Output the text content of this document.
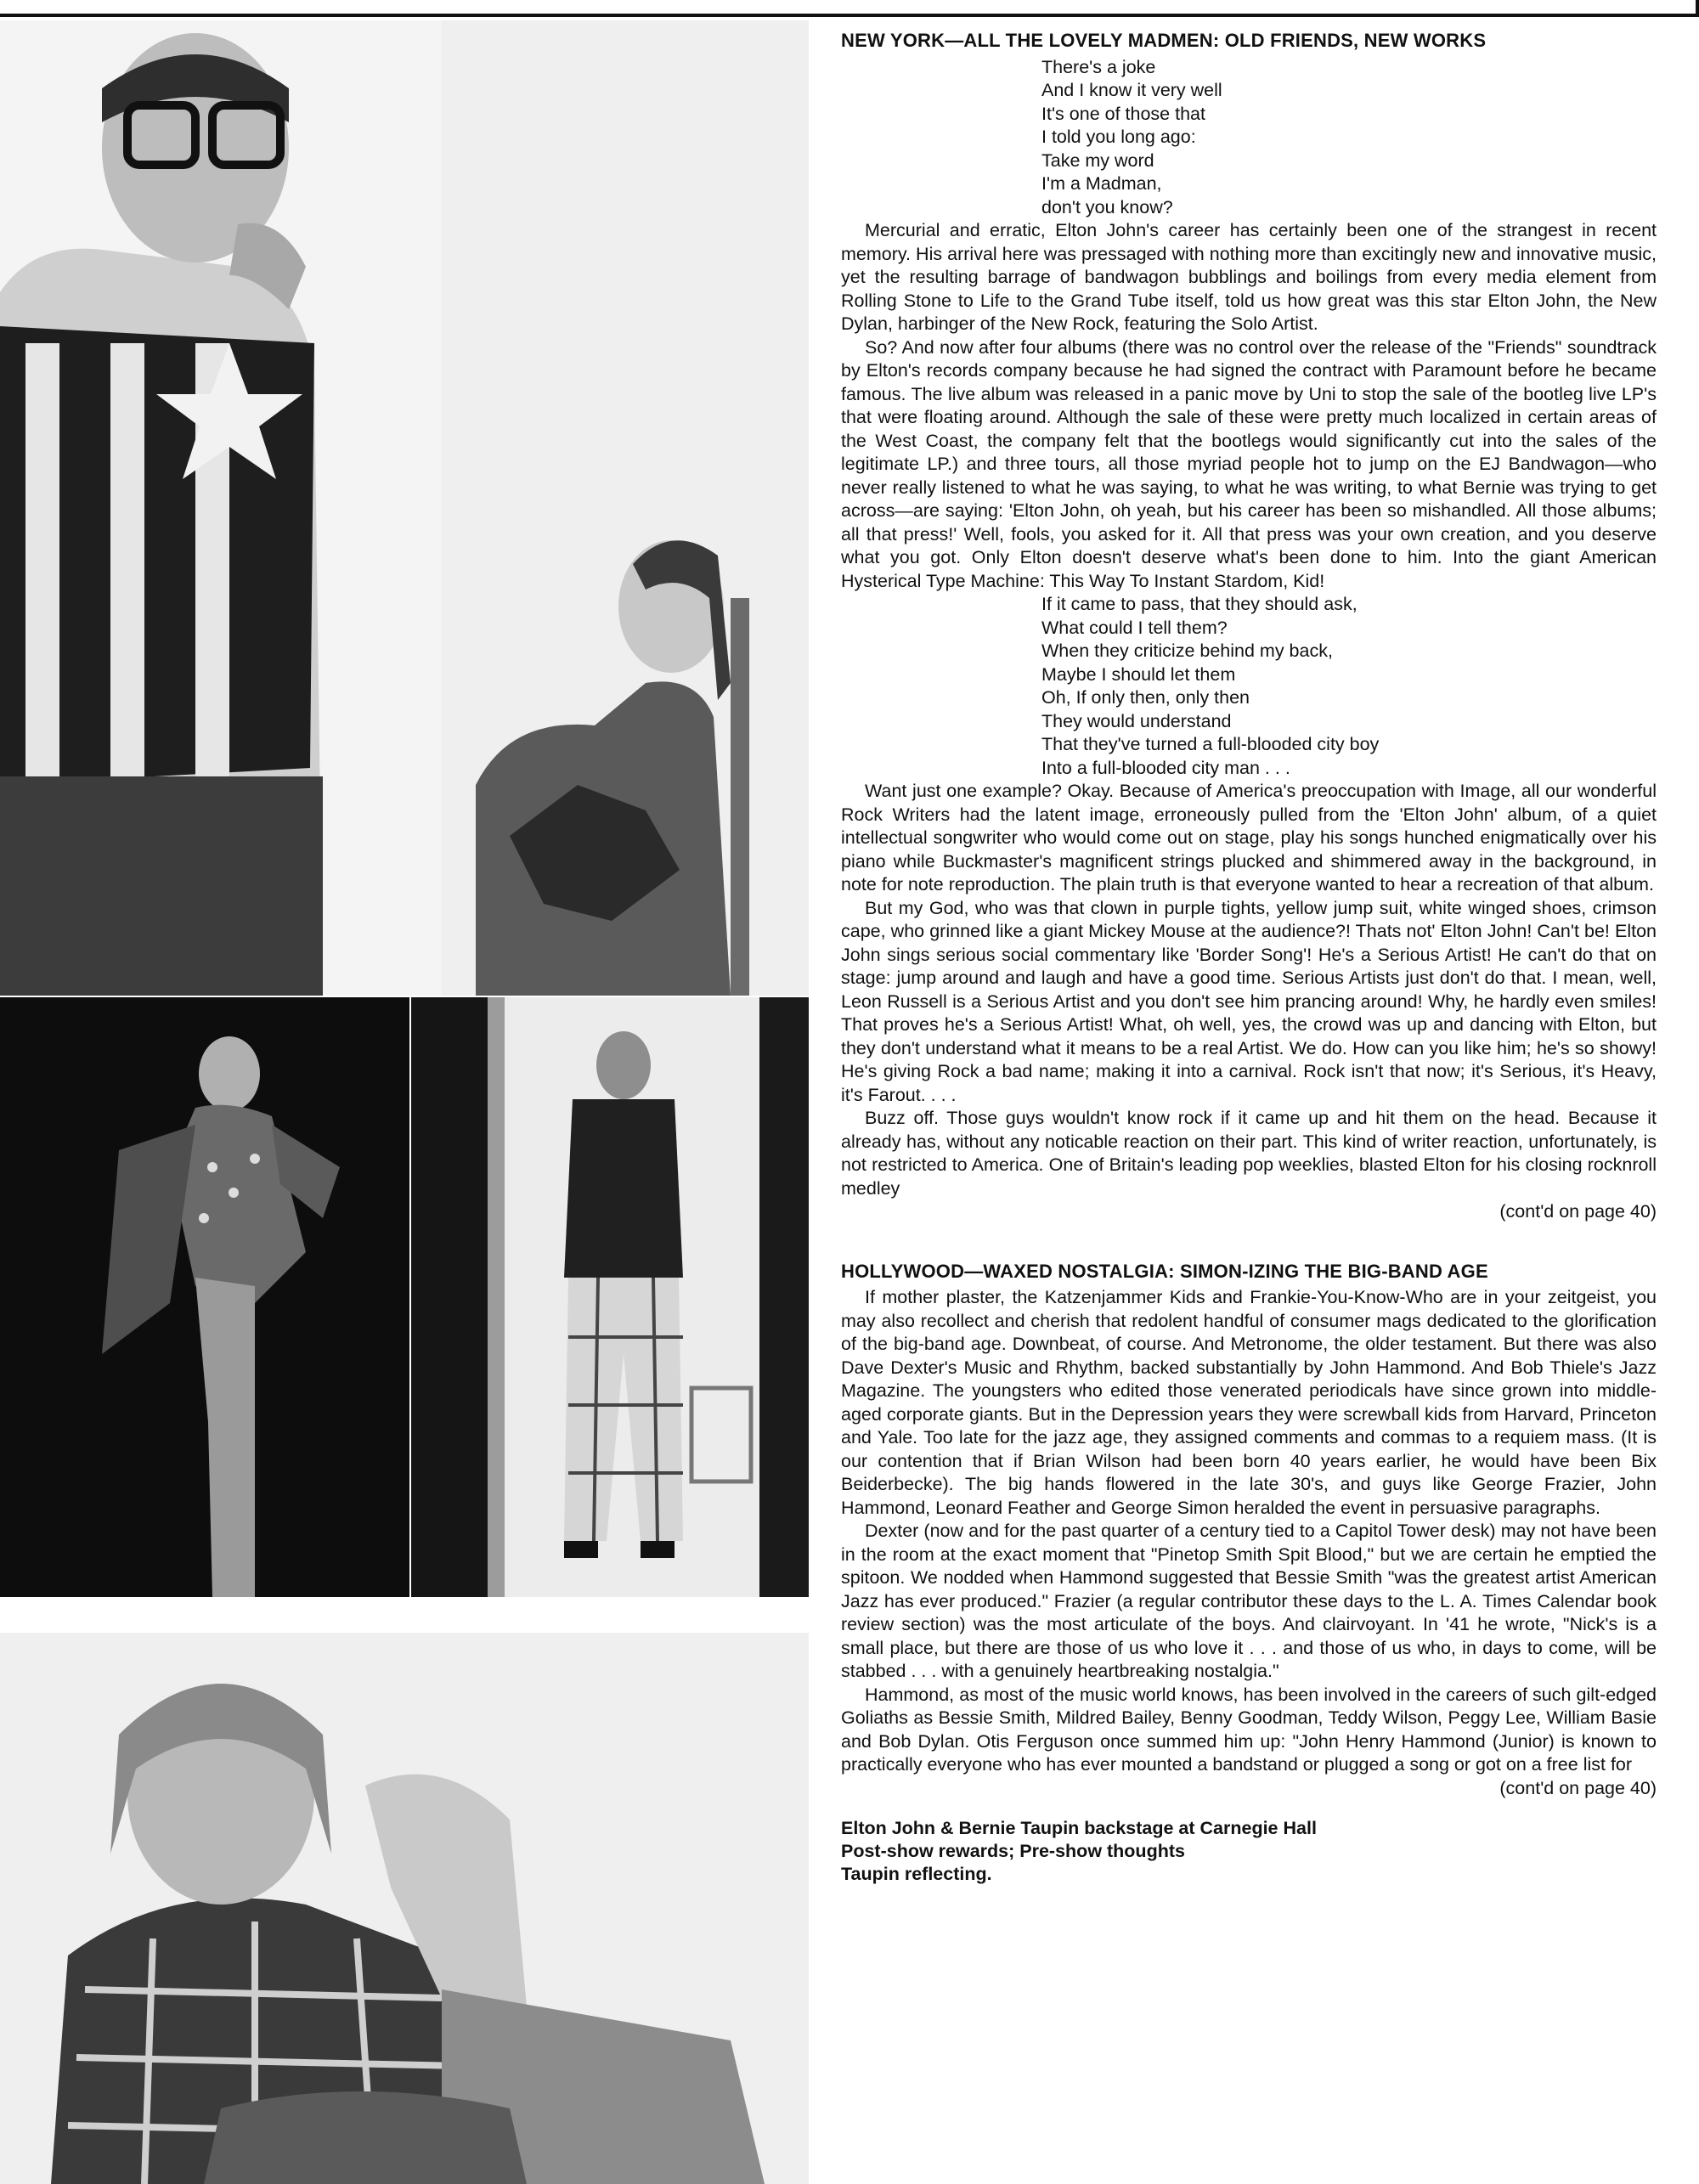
NEW YORK—ALL THE LOVELY MADMEN: OLD FRIENDS, NEW WORKS
There's a joke
And I know it very well
It's one of those that
I told you long ago:
Take my word
I'm a Madman,
don't you know?

Mercurial and erratic, Elton John's career has certainly been one of the strangest in recent memory. His arrival here was pressaged with nothing more than excitingly new and innovative music, yet the resulting barrage of bandwagon bubblings and boilings from every media element from Rolling Stone to Life to the Grand Tube itself, told us how great was this star Elton John, the New Dylan, harbinger of the New Rock, featuring the Solo Artist.

So? And now after four albums (there was no control over the release of the "Friends" soundtrack by Elton's records company because he had signed the contract with Paramount before he became famous. The live album was released in a panic move by Uni to stop the sale of the bootleg live LP's that were floating around. Although the sale of these were pretty much localized in certain areas of the West Coast, the company felt that the bootlegs would significantly cut into the sales of the legitimate LP.) and three tours, all those myriad people hot to jump on the EJ Bandwagon—who never really listened to what he was saying, to what he was writing, to what Bernie was trying to get across—are saying: 'Elton John, oh yeah, but his career has been so mishandled. All those albums; all that press!' Well, fools, you asked for it. All that press was your own creation, and you deserve what you got. Only Elton doesn't deserve what's been done to him. Into the giant American Hysterical Type Machine: This Way To Instant Stardom, Kid!

If it came to pass, that they should ask,
What could I tell them?
When they criticize behind my back,
Maybe I should let them
Oh, If only then, only then
They would understand
That they've turned a full-blooded city boy
Into a full-blooded city man . . .

Want just one example? Okay. Because of America's preoccupation with Image, all our wonderful Rock Writers had the latent image, erroneously pulled from the 'Elton John' album, of a quiet intellectual songwriter who would come out on stage, play his songs hunched enigmatically over his piano while Buckmaster's magnificent strings plucked and shimmered away in the background, in note for note reproduction. The plain truth is that everyone wanted to hear a recreation of that album.

But my God, who was that clown in purple tights, yellow jump suit, white winged shoes, crimson cape, who grinned like a giant Mickey Mouse at the audience?! Thats not' Elton John! Can't be! Elton John sings serious social commentary like 'Border Song'! He's a Serious Artist! He can't do that on stage: jump around and laugh and have a good time. Serious Artists just don't do that. I mean, well, Leon Russell is a Serious Artist and you don't see him prancing around! Why, he hardly even smiles! That proves he's a Serious Artist! What, oh well, yes, the crowd was up and dancing with Elton, but they don't understand what it means to be a real Artist. We do. How can you like him; he's so showy! He's giving Rock a bad name; making it into a carnival. Rock isn't that now; it's Serious, it's Heavy, it's Farout. . . .

Buzz off. Those guys wouldn't know rock if it came up and hit them on the head. Because it already has, without any noticable reaction on their part. This kind of writer reaction, unfortunately, is not restricted to America. One of Britain's leading pop weeklies, blasted Elton for his closing rocknroll medley

(cont'd on page 40)

HOLLYWOOD—WAXED NOSTALGIA: SIMON-IZING THE BIG-BAND AGE

If mother plaster, the Katzenjammer Kids and Frankie-You-Know-Who are in your zeitgeist, you may also recollect and cherish that redolent handful of consumer mags dedicated to the glorification of the big-band age. Downbeat, of course. And Metronome, the older testament. But there was also Dave Dexter's Music and Rhythm, backed substantially by John Hammond. And Bob Thiele's Jazz Magazine. The youngsters who edited those venerated periodicals have since grown into middle-aged corporate giants. But in the Depression years they were screwball kids from Harvard, Princeton and Yale. Too late for the jazz age, they assigned comments and commas to a requiem mass. (It is our contention that if Brian Wilson had been born 40 years earlier, he would have been Bix Beiderbecke). The big hands flowered in the late 30's, and guys like George Frazier, John Hammond, Leonard Feather and George Simon heralded the event in persuasive paragraphs.

Dexter (now and for the past quarter of a century tied to a Capitol Tower desk) may not have been in the room at the exact moment that "Pinetop Smith Spit Blood," but we are certain he emptied the spitoon. We nodded when Hammond suggested that Bessie Smith "was the greatest artist American Jazz has ever produced." Frazier (a regular contributor these days to the L. A. Times Calendar book review section) was the most articulate of the boys. And clairvoyant. In '41 he wrote, "Nick's is a small place, but there are those of us who love it . . . and those of us who, in days to come, will be stabbed . . . with a genuinely heartbreaking nostalgia."

Hammond, as most of the music world knows, has been involved in the careers of such gilt-edged Goliaths as Bessie Smith, Mildred Bailey, Benny Goodman, Teddy Wilson, Peggy Lee, William Basie and Bob Dylan. Otis Ferguson once summed him up: "John Henry Hammond (Junior) is known to practically everyone who has ever mounted a bandstand or plugged a song or got on a free list for

(cont'd on page 40)

Elton John & Bernie Taupin backstage at Carnegie Hall
Post-show rewards; Pre-show thoughts
Taupin reflecting.
